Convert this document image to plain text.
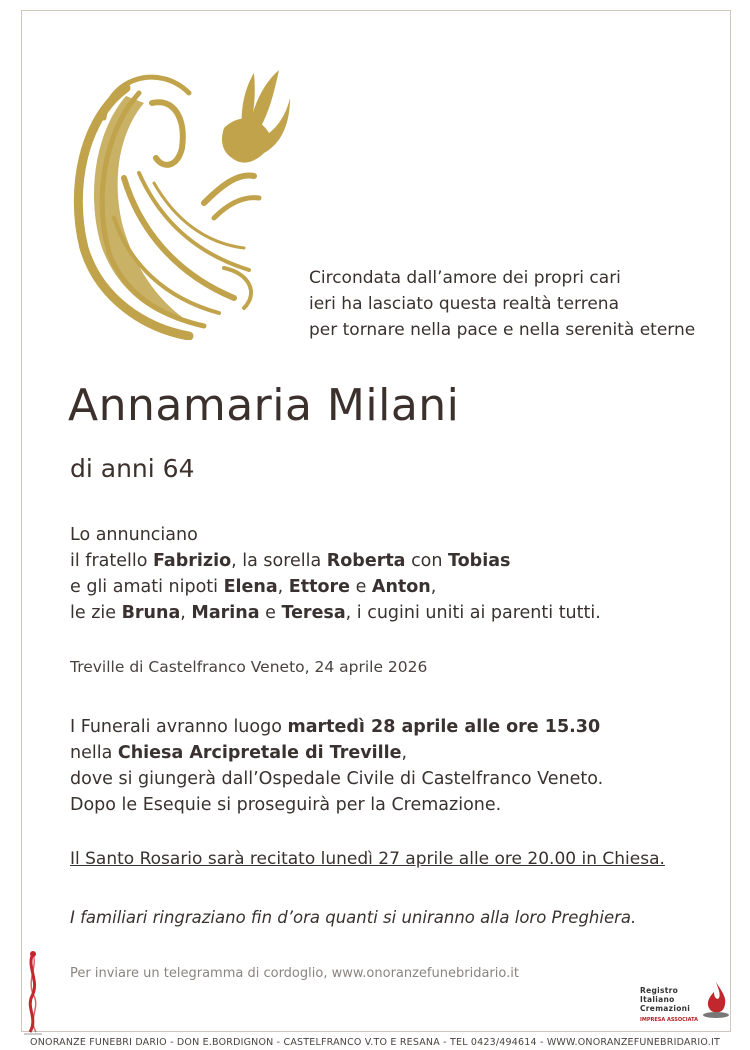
Circondata dall’amore dei propri cari
ieri ha lasciato questa realtà terrena
per tornare nella pace e nella serenità eterne
Annamaria Milani
di anni 64
Lo annunciano
il fratello Fabrizio, la sorella Roberta con Tobias
e gli amati nipoti Elena, Ettore e Anton,
le zie Bruna, Marina e Teresa, i cugini uniti ai parenti tutti.
Treville di Castelfranco Veneto, 24 aprile 2026
I Funerali avranno luogo martedì 28 aprile alle ore 15.30
nella Chiesa Arcipretale di Treville,
dove si giungerà dall’Ospedale Civile di Castelfranco Veneto.
Dopo le Esequie si proseguirà per la Cremazione.
Il Santo Rosario sarà recitato lunedì 27 aprile alle ore 20.00 in Chiesa.
I familiari ringraziano fin d’ora quanti si uniranno alla loro Preghiera.
Per inviare un telegramma di cordoglio, www.onoranzefunebridario.it
Registro
Italiano
Cremazioni
IMPRESA ASSOCIATA
ONORANZE FUNEBRI DARIO - DON E.BORDIGNON - CASTELFRANCO V.TO E RESANA - TEL 0423/494614 - WWW.ONORANZEFUNEBRIDARIO.IT
